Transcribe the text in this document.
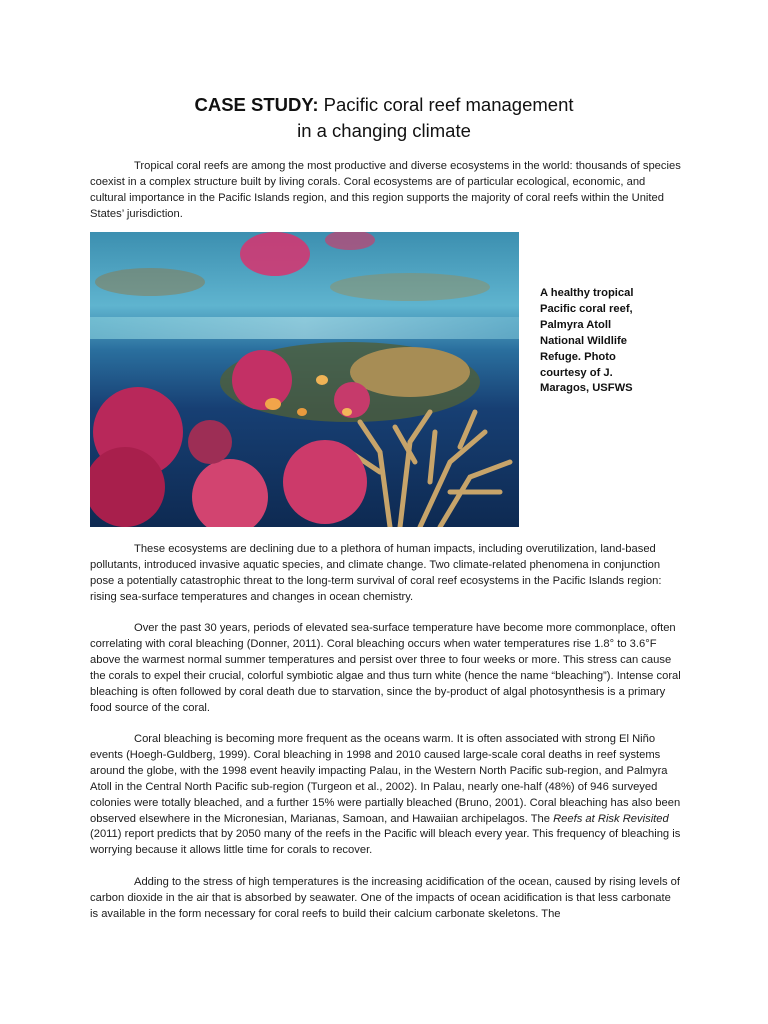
CASE STUDY: Pacific coral reef management
in a changing climate

Tropical coral reefs are among the most productive and diverse ecosystems in the world: thousands of species coexist in a complex structure built by living corals. Coral ecosystems are of particular ecological, economic, and cultural importance in the Pacific Islands region, and this region supports the majority of coral reefs within the United States’ jurisdiction.

A healthy tropical Pacific coral reef, Palmyra Atoll National Wildlife Refuge. Photo courtesy of J. Maragos, USFWS

These ecosystems are declining due to a plethora of human impacts, including overutilization, land-based pollutants, introduced invasive aquatic species, and climate change. Two climate-related phenomena in conjunction pose a potentially catastrophic threat to the long-term survival of coral reef ecosystems in the Pacific Islands region: rising sea-surface temperatures and changes in ocean chemistry.

Over the past 30 years, periods of elevated sea-surface temperature have become more commonplace, often correlating with coral bleaching (Donner, 2011). Coral bleaching occurs when water temperatures rise 1.8° to 3.6°F above the warmest normal summer temperatures and persist over three to four weeks or more. This stress can cause the corals to expel their crucial, colorful symbiotic algae and thus turn white (hence the name “bleaching”). Intense coral bleaching is often followed by coral death due to starvation, since the by-product of algal photosynthesis is a primary food source of the coral.

Coral bleaching is becoming more frequent as the oceans warm. It is often associated with strong El Niño events (Hoegh-Guldberg, 1999). Coral bleaching in 1998 and 2010 caused large-scale coral deaths in reef systems around the globe, with the 1998 event heavily impacting Palau, in the Western North Pacific sub-region, and Palmyra Atoll in the Central North Pacific sub-region (Turgeon et al., 2002). In Palau, nearly one-half (48%) of 946 surveyed colonies were totally bleached, and a further 15% were partially bleached (Bruno, 2001). Coral bleaching has also been observed elsewhere in the Micronesian, Marianas, Samoan, and Hawaiian archipelagos. The Reefs at Risk Revisited (2011) report predicts that by 2050 many of the reefs in the Pacific will bleach every year. This frequency of bleaching is worrying because it allows little time for corals to recover.

Adding to the stress of high temperatures is the increasing acidification of the ocean, caused by rising levels of carbon dioxide in the air that is absorbed by seawater. One of the impacts of ocean acidification is that less carbonate is available in the form necessary for coral reefs to build their calcium carbonate skeletons. The
